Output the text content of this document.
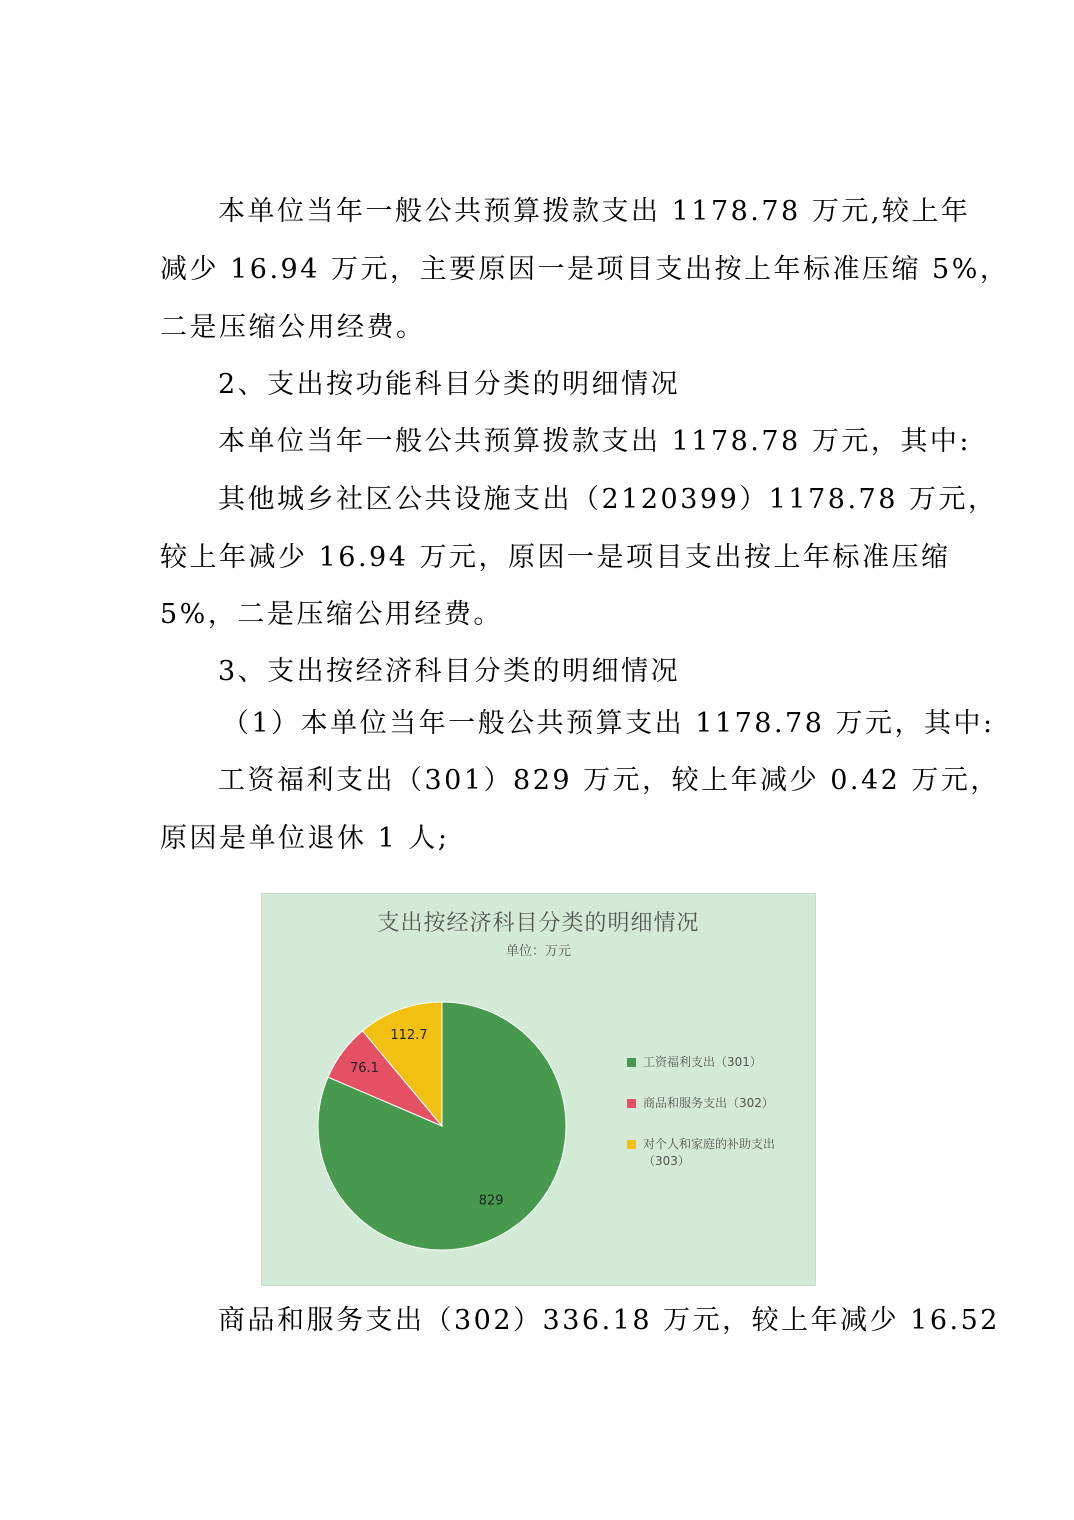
本单位当年一般公共预算拨款支出 1178.78 万元,较上年
减少 16.94 万元，主要原因一是项目支出按上年标准压缩 5%，
二是压缩公用经费。
2、支出按功能科目分类的明细情况
本单位当年一般公共预算拨款支出 1178.78 万元，其中:
其他城乡社区公共设施支出（2120399）1178.78 万元，
较上年减少 16.94 万元，原因一是项目支出按上年标准压缩
5%，二是压缩公用经费。
3、支出按经济科目分类的明细情况
（1）本单位当年一般公共预算支出 1178.78 万元，其中:
工资福利支出（301）829 万元，较上年减少 0.42 万元，
原因是单位退休 1 人;
支出按经济科目分类的明细情况
单位：万元
829
76.1
112.7
工资福利支出（301）
商品和服务支出（302）
对个人和家庭的补助支出（303）
商品和服务支出（302）336.18 万元，较上年减少 16.52
